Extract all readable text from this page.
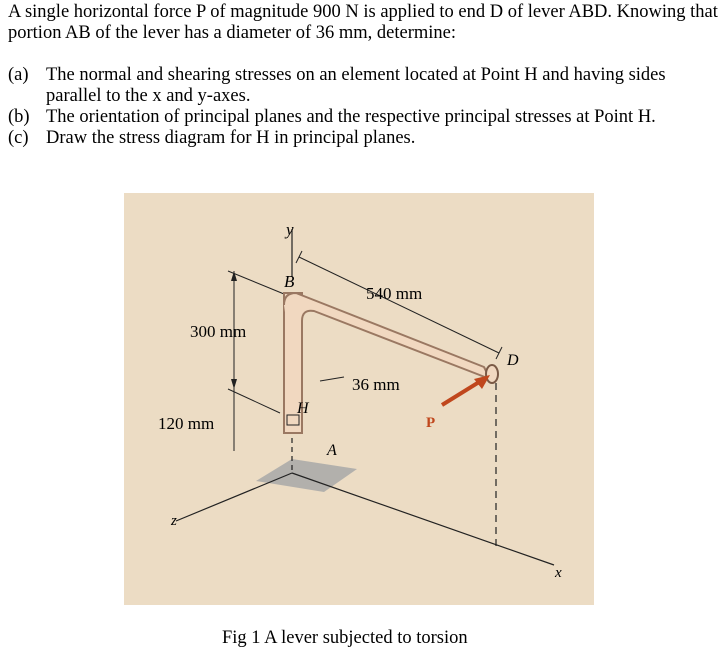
A single horizontal force P of magnitude 900 N is applied to end D of lever ABD. Knowing that portion AB of the lever has a diameter of 36 mm, determine:

(a) The normal and shearing stresses on an element located at Point H and having sides parallel to the x and y-axes.
(b) The orientation of principal planes and the respective principal stresses at Point H.
(c) Draw the stress diagram for H in principal planes.
y
z
x
B
H
A
D
P
540 mm
300 mm
36 mm
120 mm
Fig 1 A lever subjected to torsion
